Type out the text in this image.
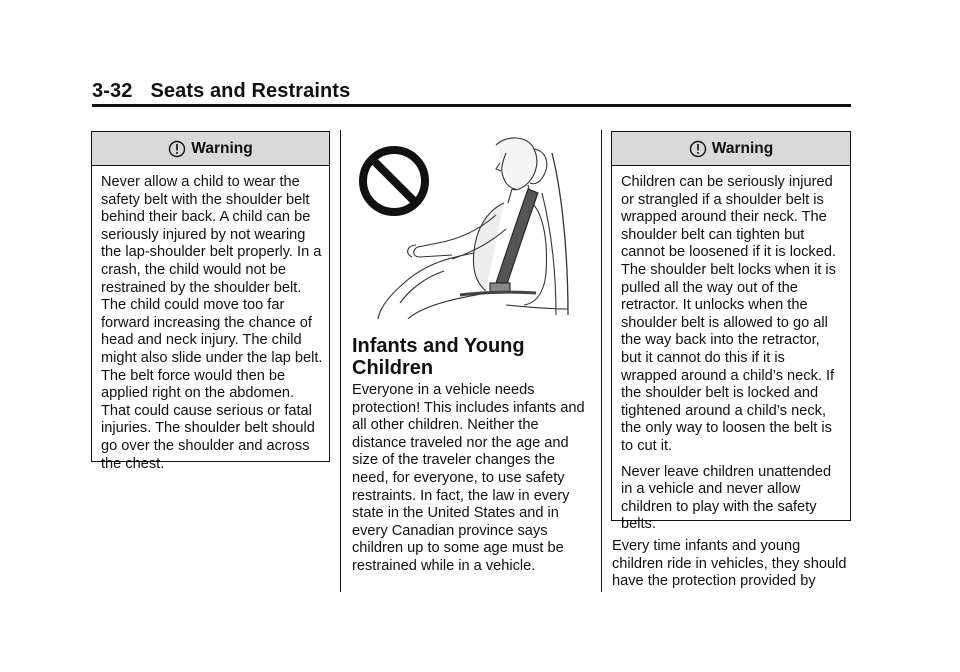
3-32 Seats and Restraints
Warning

Never allow a child to wear the safety belt with the shoulder belt behind their back. A child can be seriously injured by not wearing the lap-shoulder belt properly. In a crash, the child would not be restrained by the shoulder belt. The child could move too far forward increasing the chance of head and neck injury. The child might also slide under the lap belt. The belt force would then be applied right on the abdomen. That could cause serious or fatal injuries. The shoulder belt should go over the shoulder and across the chest.

Infants and Young Children
Everyone in a vehicle needs protection! This includes infants and all other children. Neither the distance traveled nor the age and size of the traveler changes the need, for everyone, to use safety restraints. In fact, the law in every state in the United States and in every Canadian province says children up to some age must be restrained while in a vehicle.
Warning

Children can be seriously injured or strangled if a shoulder belt is wrapped around their neck. The shoulder belt can tighten but cannot be loosened if it is locked. The shoulder belt locks when it is pulled all the way out of the retractor. It unlocks when the shoulder belt is allowed to go all the way back into the retractor, but it cannot do this if it is wrapped around a child’s neck. If the shoulder belt is locked and tightened around a child’s neck, the only way to loosen the belt is to cut it.

Never leave children unattended in a vehicle and never allow children to play with the safety belts.

Every time infants and young children ride in vehicles, they should have the protection provided by
